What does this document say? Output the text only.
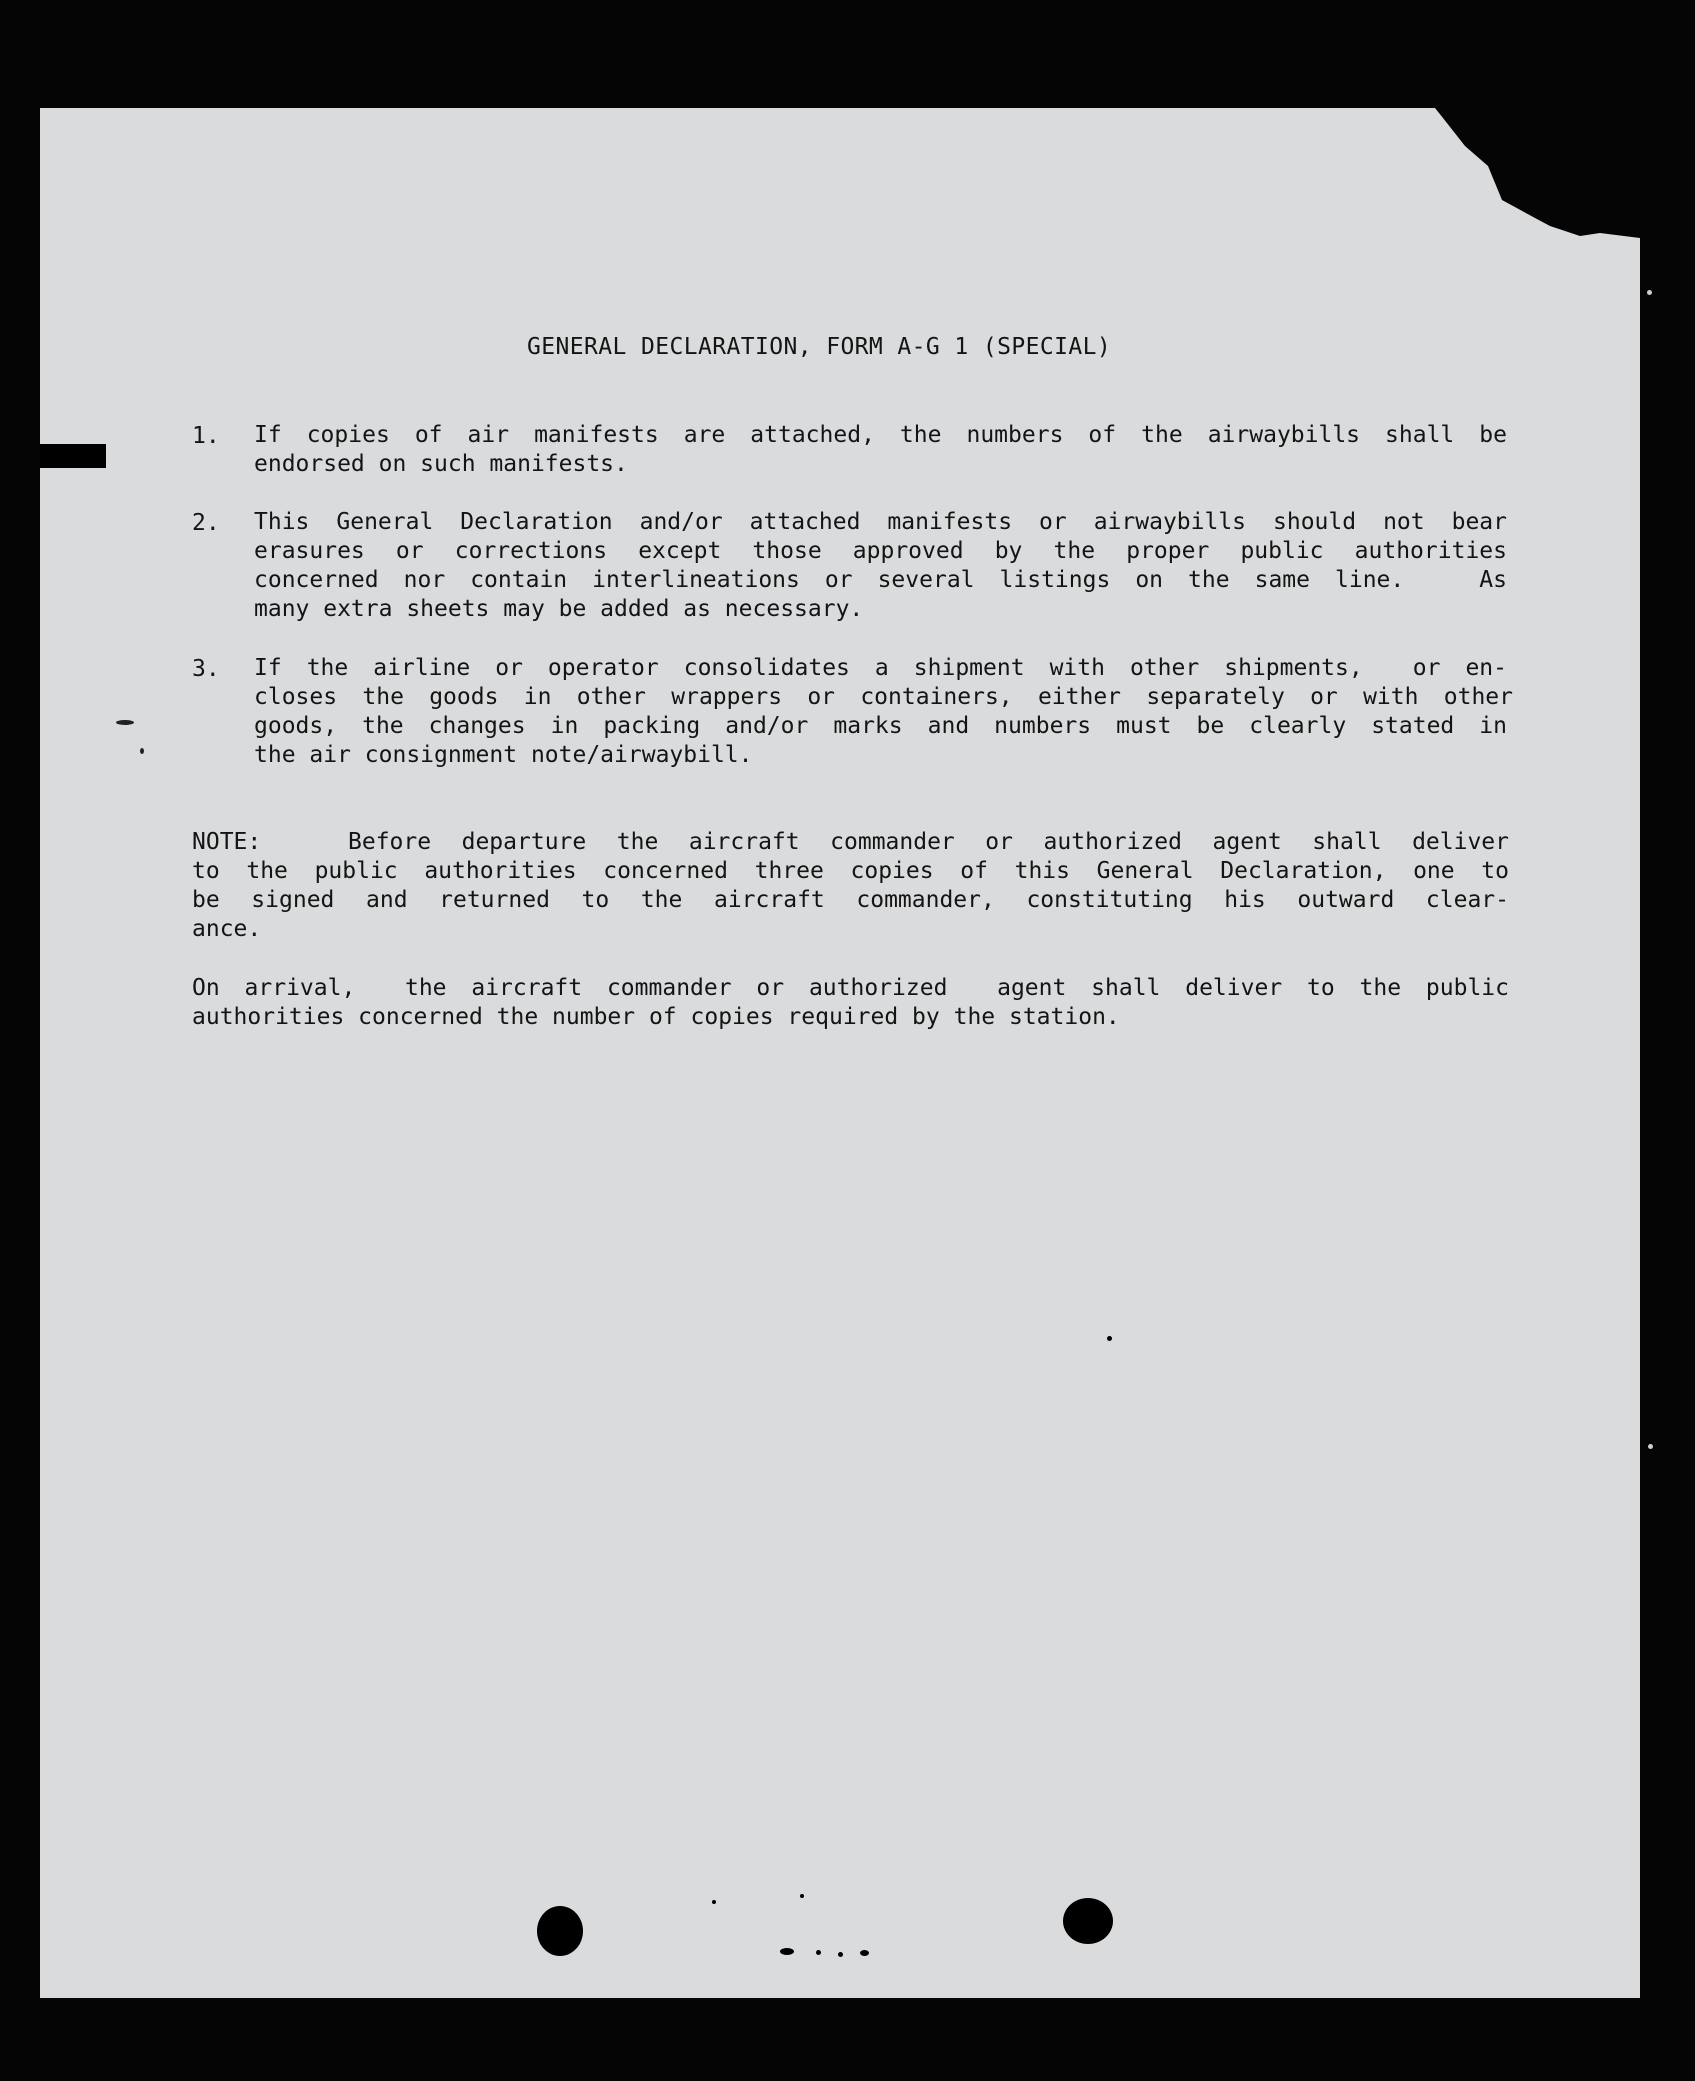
GENERAL DECLARATION, FORM A-G 1 (SPECIAL)
1. If copies of air manifests are attached, the numbers of the airwaybills shall be
endorsed on such manifests.
2. This General Declaration and/or attached manifests or airwaybills should not bear
erasures or corrections except those approved by the proper public authorities
concerned nor contain interlineations or several listings on the same line.   As
many extra sheets may be added as necessary.
3. If the airline or operator consolidates a shipment with other shipments,  or en-
closes the goods in other wrappers or containers, either separately or with other
goods, the changes in packing and/or marks and numbers must be clearly stated in
the air consignment note/airwaybill.
NOTE:	Before departure the aircraft commander or authorized agent shall deliver
to the public authorities concerned three copies of this General Declaration, one to
be signed and returned to the aircraft commander, constituting his outward clear-
ance.
On arrival,  the aircraft commander or authorized  agent shall deliver to the public
authorities concerned the number of copies required by the station.
